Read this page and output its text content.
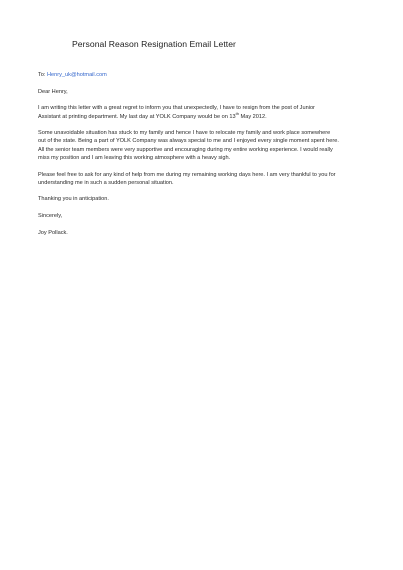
Personal Reason Resignation Email Letter
To: Henry_uk@hotmail.com
Dear Henry,
I am writing this letter with a great regret to inform you that unexpectedly, I have to resign from the post of Junior
Assistant at printing department. My last day at YOLK Company would be on 13th May 2012.
Some unavoidable situation has stuck to my family and hence I have to relocate my family and work place somewhere
out of the state. Being a part of YOLK Company was always special to me and I enjoyed every single moment spent here.
All the senior team members were very supportive and encouraging during my entire working experience. I would really
miss my position and I am leaving this working atmosphere with a heavy sigh.
Please feel free to ask for any kind of help from me during my remaining working days here. I am very thankful to you for
understanding me in such a sudden personal situation.
Thanking you in anticipation.
Sincerely,
Joy Pollack.
